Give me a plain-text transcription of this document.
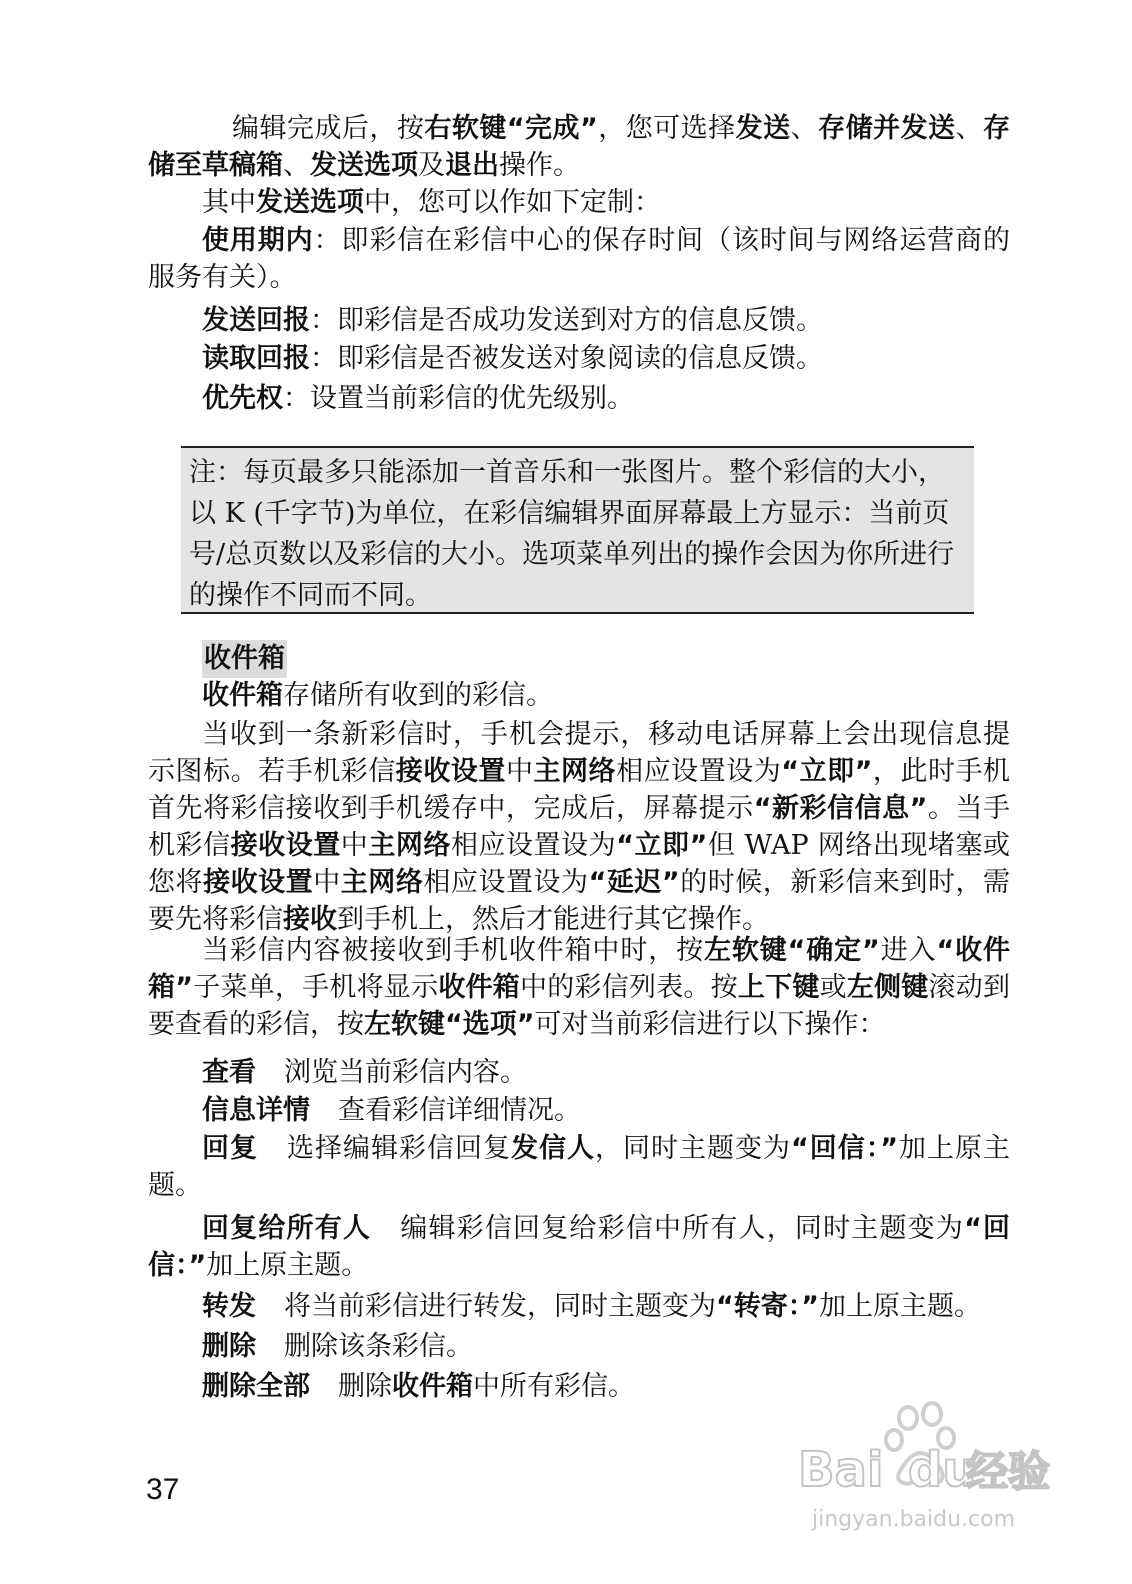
编辑完成后，按右软键“完成”，您可选择发送、存储并发送、存储至草稿箱、发送选项及退出操作。

其中发送选项中，您可以作如下定制：

使用期内：即彩信在彩信中心的保存时间（该时间与网络运营商的服务有关）。

发送回报：即彩信是否成功发送到对方的信息反馈。

读取回报：即彩信是否被发送对象阅读的信息反馈。

优先权：设置当前彩信的优先级别。

注：每页最多只能添加一首音乐和一张图片。整个彩信的大小，以 K (千字节)为单位，在彩信编辑界面屏幕最上方显示：当前页号/总页数以及彩信的大小。选项菜单列出的操作会因为你所进行的操作不同而不同。

收件箱

收件箱存储所有收到的彩信。

当收到一条新彩信时，手机会提示，移动电话屏幕上会出现信息提示图标。若手机彩信接收设置中主网络相应设置设为“立即”，此时手机首先将彩信接收到手机缓存中，完成后，屏幕提示“新彩信信息”。当手机彩信接收设置中主网络相应设置设为“立即”但 WAP 网络出现堵塞或您将接收设置中主网络相应设置设为“延迟”的时候，新彩信来到时，需要先将彩信接收到手机上，然后才能进行其它操作。

当彩信内容被接收到手机收件箱中时，按左软键“确定”进入“收件箱”子菜单，手机将显示收件箱中的彩信列表。按上下键或左侧键滚动到要查看的彩信，按左软键“选项”可对当前彩信进行以下操作：

查看 浏览当前彩信内容。

信息详情 查看彩信详细情况。

回复 选择编辑彩信回复发信人，同时主题变为“回信：”加上原主题。

回复给所有人 编辑彩信回复给彩信中所有人，同时主题变为“回信：”加上原主题。

转发 将当前彩信进行转发，同时主题变为“转寄：”加上原主题。

删除 删除该条彩信。

删除全部 删除收件箱中所有彩信。

37	Bai du
经验
jingyan.baidu.com
